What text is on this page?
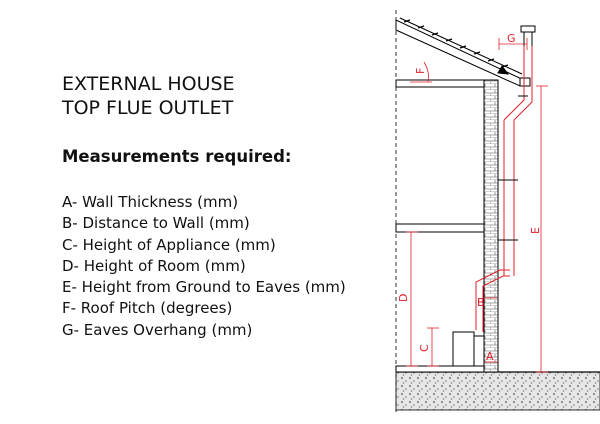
EXTERNAL HOUSE
TOP FLUE OUTLET
Measurements required:
A- Wall Thickness (mm)
B- Distance to Wall (mm)
C- Height of Appliance (mm)
D- Height of Room (mm)
E- Height from Ground to Eaves (mm)
F- Roof Pitch (degrees)
G- Eaves Overhang (mm)
G
F
E
D
C
B
A
